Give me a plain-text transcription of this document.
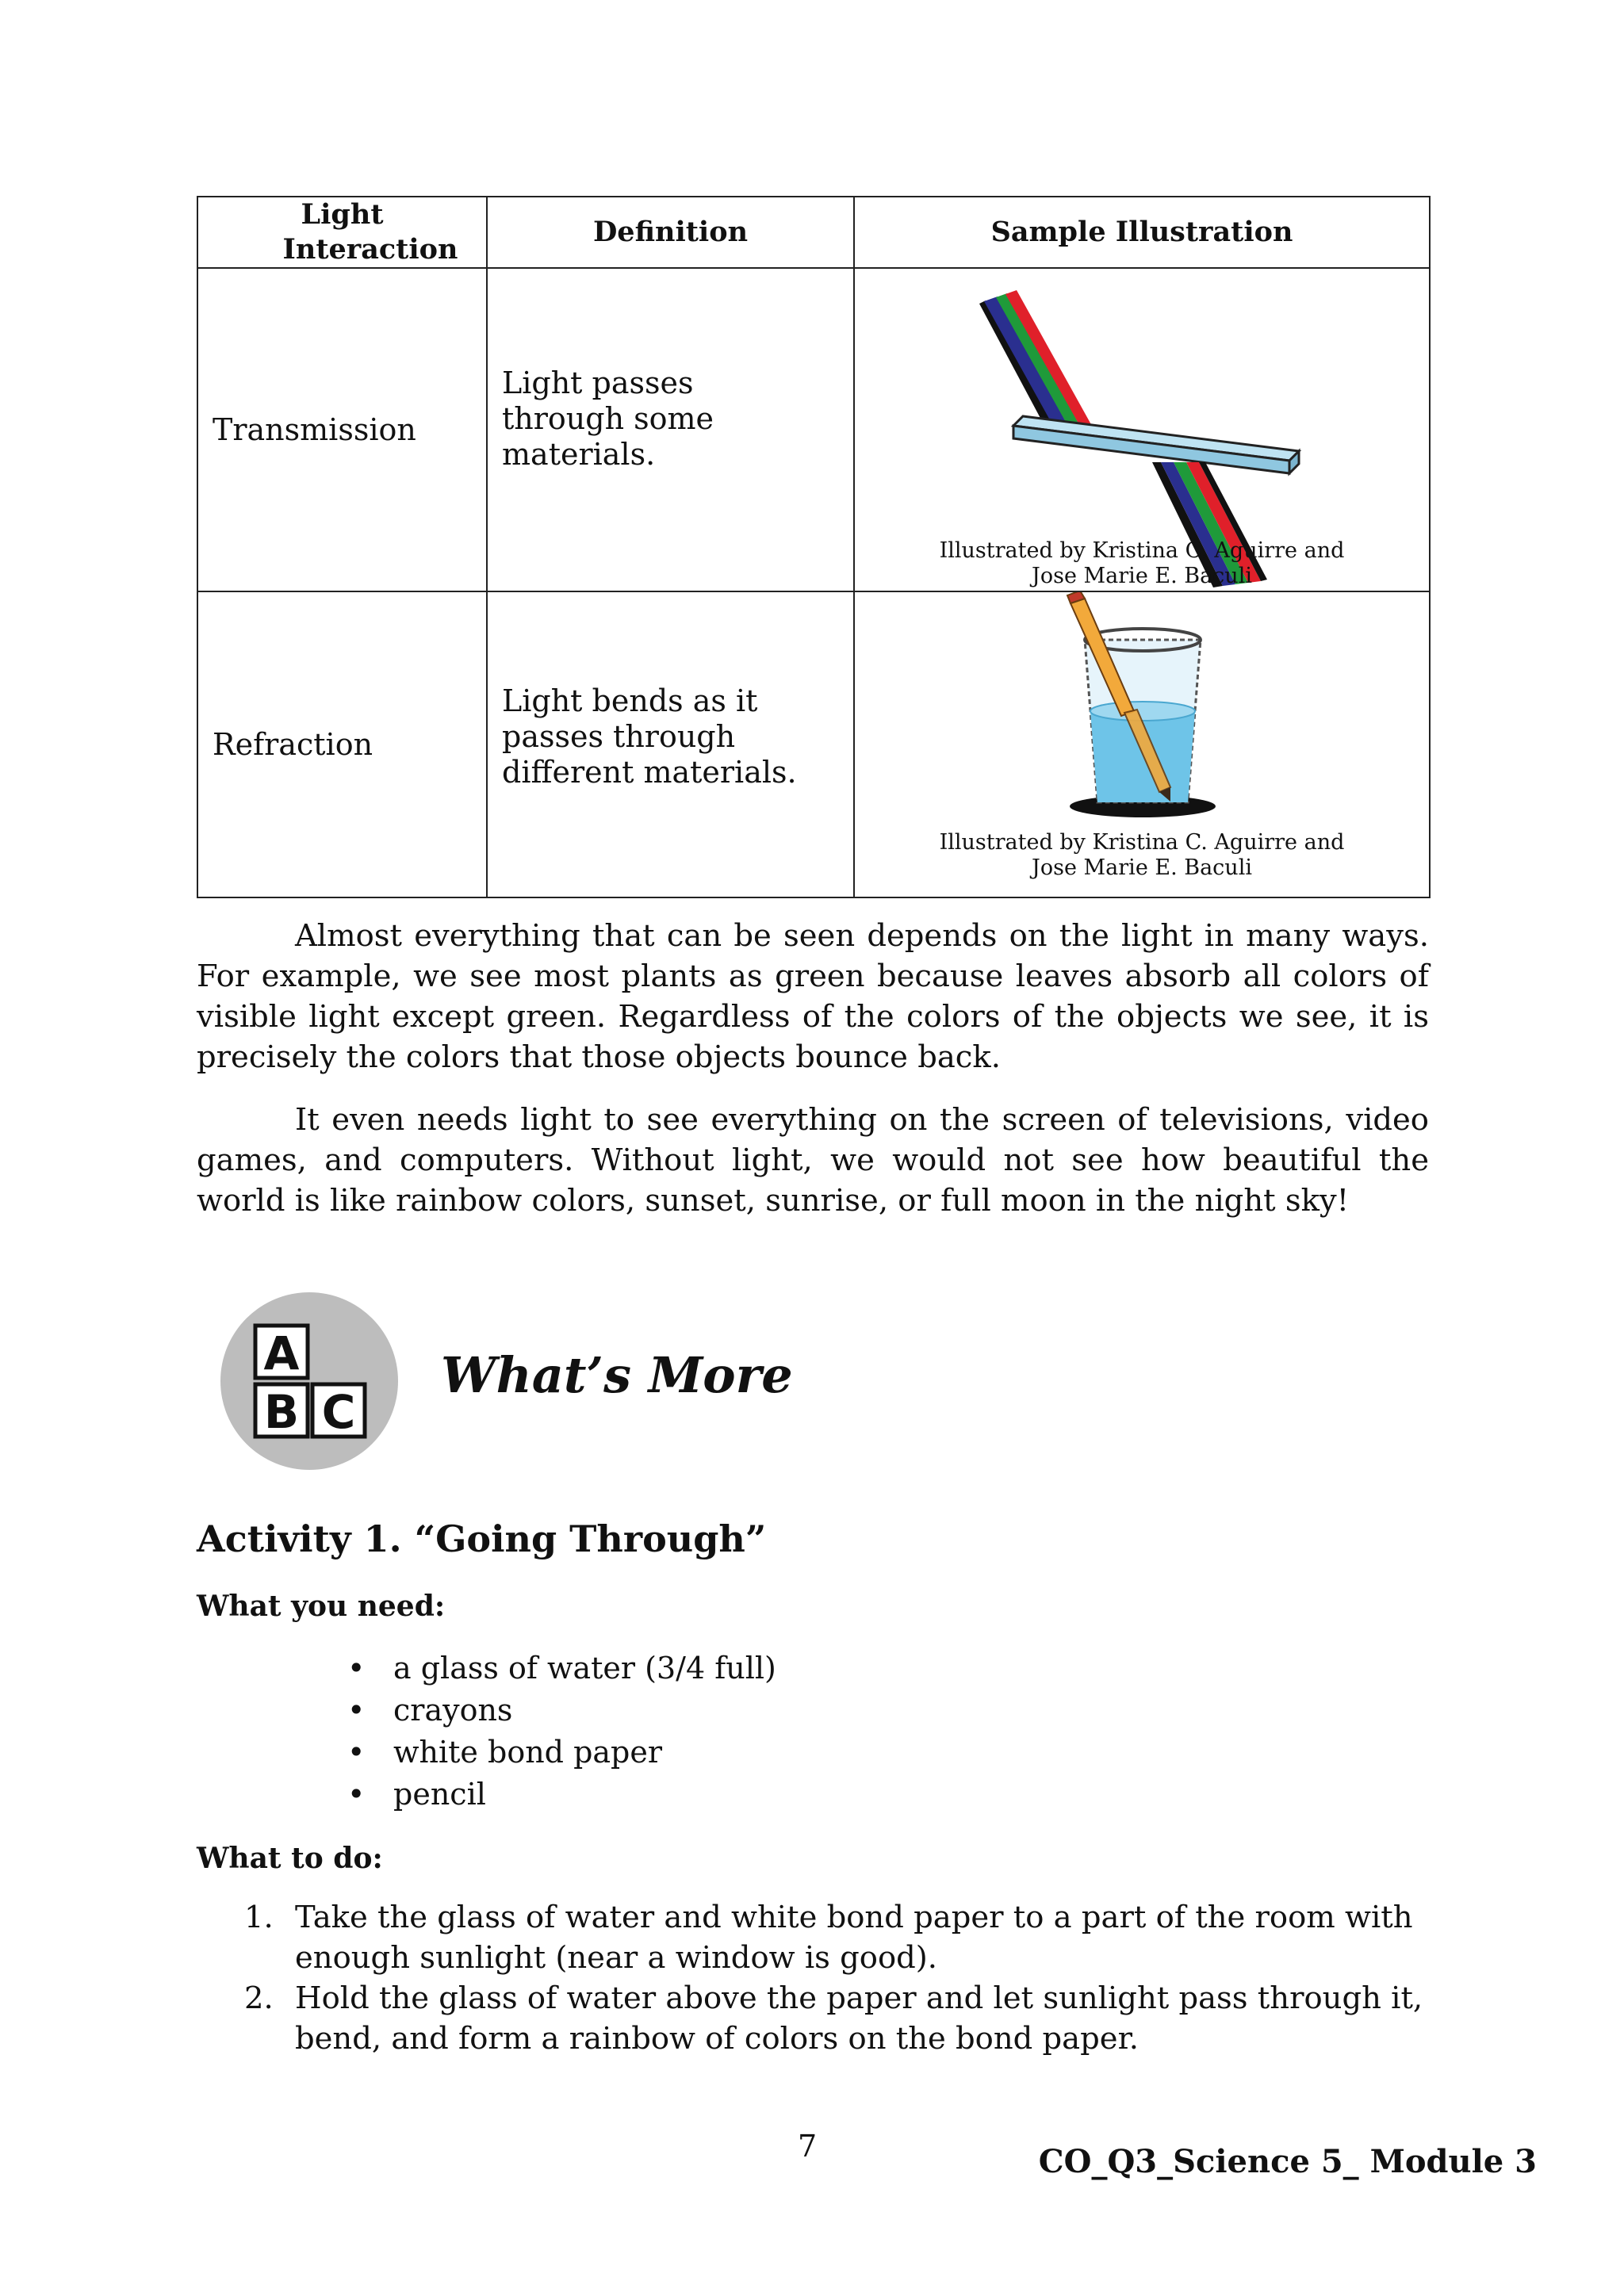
Light Interaction	Definition	Sample Illustration
Transmission	Light passes through some materials.	Illustrated by Kristina C. Aguirre and
Jose Marie E. Baculi

Refraction	Light bends as it passes through different materials.	Illustrated by Kristina C. Aguirre and
Jose Marie E. Baculi

Almost everything that can be seen depends on the light in many ways. For example, we see most plants as green because leaves absorb all colors of visible light except green. Regardless of the colors of the objects we see, it is precisely the colors that those objects bounce back.

It even needs light to see everything on the screen of televisions, video games, and computers. Without light, we would not see how beautiful the world is like rainbow colors, sunset, sunrise, or full moon in the night sky!

A
B C
What’s More
Activity 1. “Going Through”

What you need:

• a glass of water (3/4 full)
• crayons
• white bond paper
• pencil

What to do:

1. Take the glass of water and white bond paper to a part of the room with enough sunlight (near a window is good).
2. Hold the glass of water above the paper and let sunlight pass through it, bend, and form a rainbow of colors on the bond paper.

7	CO_Q3_Science 5_ Module 3
